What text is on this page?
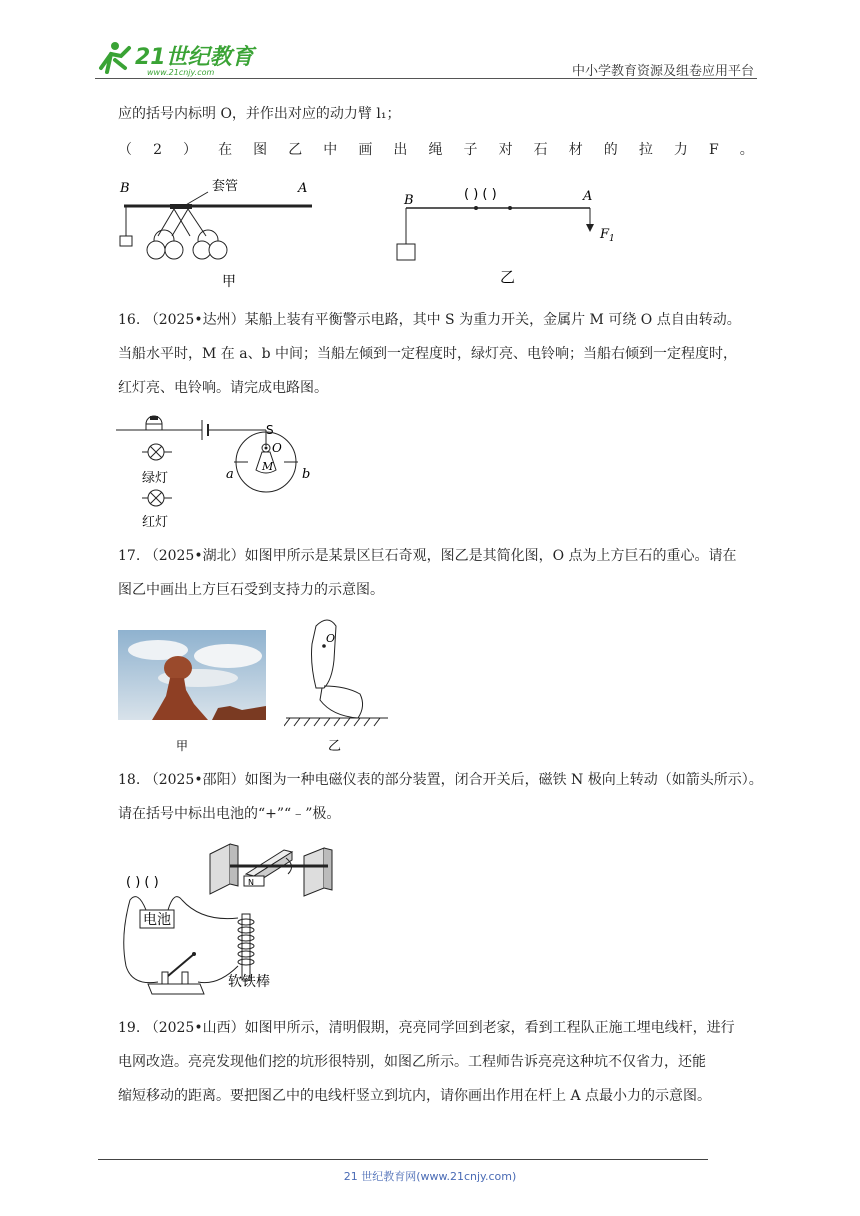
21世纪教育
www.21cnjy.com	中小学教育资源及组卷应用平台
应的括号内标明 O，并作出对应的动力臂 l₁；
（ 2 ） 在 图 乙 中 画 出 绳 子 对 石 材 的 拉 力 F 。
B	A
套管
甲
B	A
( ) ( )
$F_1$
乙
16. （2025•达州）某船上装有平衡警示电路，其中 S 为重力开关，金属片 M 可绕 O 点自由转动。
当船水平时，M 在 a、b 中间；当船左倾到一定程度时，绿灯亮、电铃响；当船右倾到一定程度时，
红灯亮、电铃响。请完成电路图。
S
绿灯
红灯
O
M
a	b
17. （2025•湖北）如图甲所示是某景区巨石奇观，图乙是其简化图，O 点为上方巨石的重心。请在
图乙中画出上方巨石受到支持力的示意图。
甲
O
乙
18. （2025•邵阳）如图为一种电磁仪表的部分装置，闭合开关后，磁铁 N 极向上转动（如箭头所示）。
请在括号中标出电池的“+”“﹣”极。
N
( ) ( )
电池
软铁棒
19. （2025•山西）如图甲所示，清明假期，亮亮同学回到老家，看到工程队正施工埋电线杆，进行
电网改造。亮亮发现他们挖的坑形很特别，如图乙所示。工程师告诉亮亮这种坑不仅省力，还能
缩短移动的距离。要把图乙中的电线杆竖立到坑内，请你画出作用在杆上 A 点最小力的示意图。
21 世纪教育网(www.21cnjy.com)
